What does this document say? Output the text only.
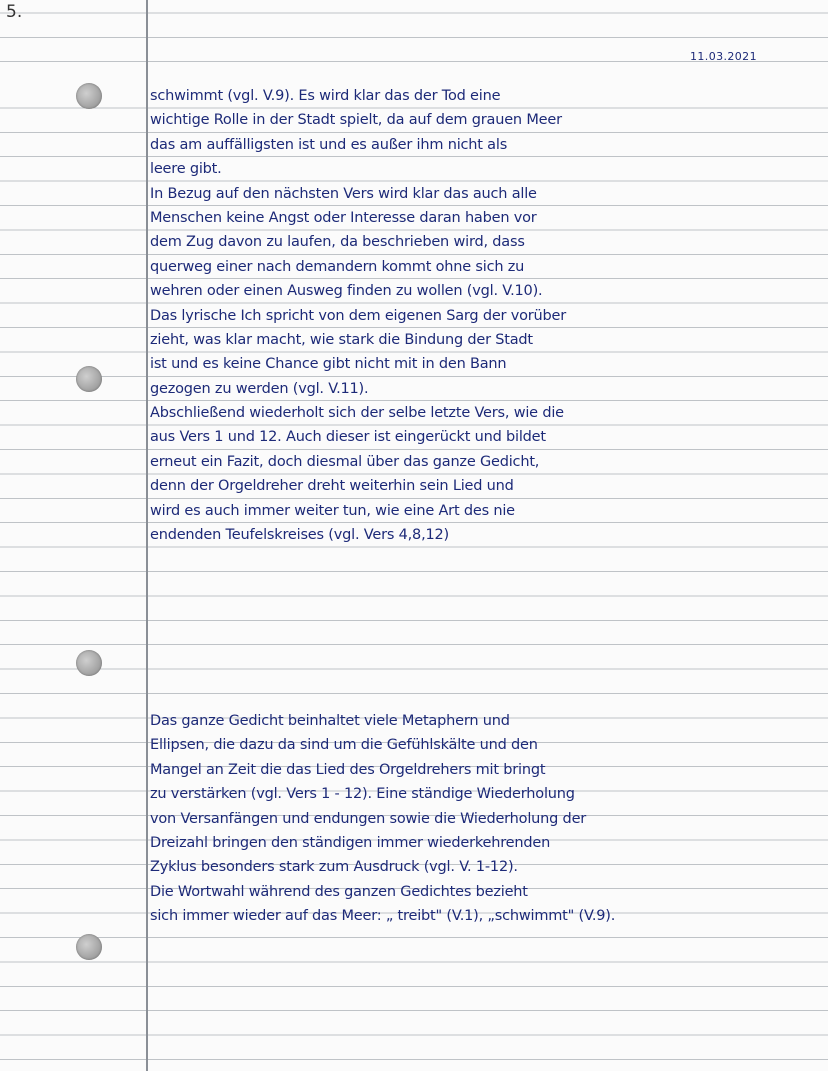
5.
11.03.2021
schwimmt (vgl. V.9). Es wird klar das der Tod eine
wichtige Rolle in der Stadt spielt, da auf dem grauen Meer
das am auffälligsten ist und es außer ihm nicht als
leere gibt.
In Bezug auf den nächsten Vers wird klar das auch alle
Menschen keine Angst oder Interesse daran haben vor
dem Zug davon zu laufen, da beschrieben wird, dass
querweg einer nach demandern kommt ohne sich zu
wehren oder einen Ausweg finden zu wollen (vgl. V.10).
Das lyrische Ich spricht von dem eigenen Sarg der vorüber
zieht, was klar macht, wie stark die Bindung der Stadt
ist und es keine Chance gibt nicht mit in den Bann
gezogen zu werden (vgl. V.11).
Abschließend wiederholt sich der selbe letzte Vers, wie die
aus Vers 1 und 12. Auch dieser ist eingerückt und bildet
erneut ein Fazit, doch diesmal über das ganze Gedicht,
denn der Orgeldreher dreht weiterhin sein Lied und
wird es auch immer weiter tun, wie eine Art des nie
endenden Teufelskreises (vgl. Vers 4,8,12)
Das ganze Gedicht beinhaltet viele Metaphern und
Ellipsen, die dazu da sind um die Gefühlskälte und den
Mangel an Zeit die das Lied des Orgeldrehers mit bringt
zu verstärken (vgl. Vers 1 - 12). Eine ständige Wiederholung
von Versanfängen und endungen sowie die Wiederholung der
Dreizahl bringen den ständigen immer wiederkehrenden
Zyklus besonders stark zum Ausdruck (vgl. V. 1-12).
Die Wortwahl während des ganzen Gedichtes bezieht
sich immer wieder auf das Meer: „ treibt" (V.1), „schwimmt" (V.9).
